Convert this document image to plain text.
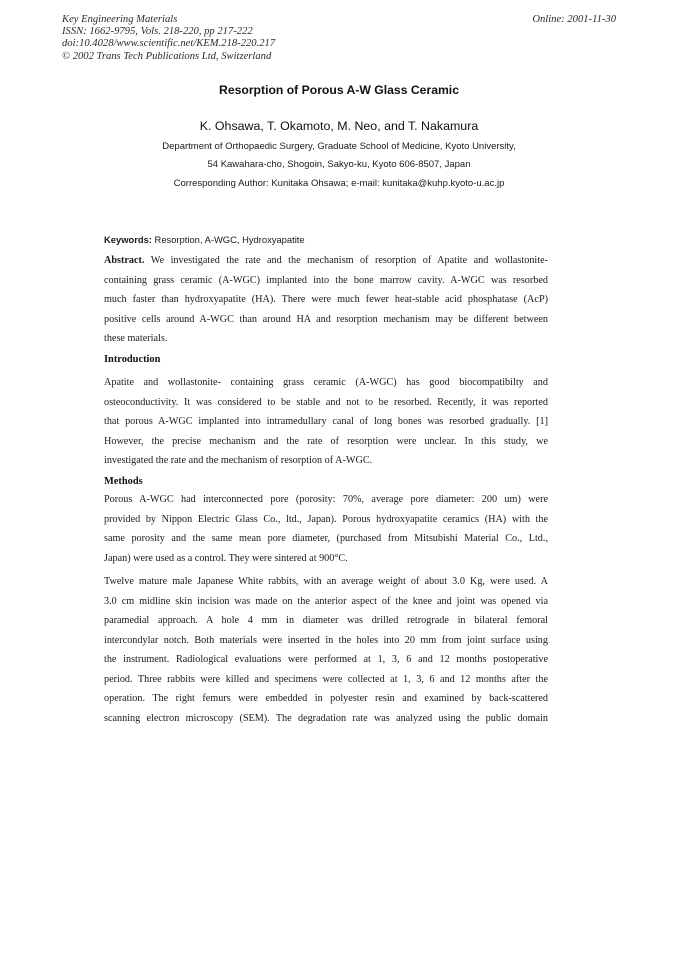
Key Engineering Materials
ISSN: 1662-9795, Vols. 218-220, pp 217-222
doi:10.4028/www.scientific.net/KEM.218-220.217
© 2002 Trans Tech Publications Ltd, Switzerland
Online: 2001-11-30
Resorption of Porous A-W Glass Ceramic
K. Ohsawa, T. Okamoto, M. Neo, and T. Nakamura
Department of Orthopaedic Surgery, Graduate School of Medicine, Kyoto University,
54 Kawahara-cho, Shogoin, Sakyo-ku, Kyoto 606-8507, Japan
Corresponding Author: Kunitaka Ohsawa; e-mail: kunitaka@kuhp.kyoto-u.ac.jp
Keywords: Resorption, A-WGC, Hydroxyapatite
Abstract. We investigated the rate and the mechanism of resorption of Apatite and wollastonite-
containing grass ceramic (A-WGC) implanted into the bone marrow cavity. A-WGC was resorbed
much faster than hydroxyapatite (HA). There were much fewer heat-stable acid phosphatase (AcP)
positive cells around A-WGC than around HA and resorption mechanism may be different between
these materials.
Introduction
Apatite and wollastonite- containing grass ceramic (A-WGC) has good biocompatibilty and
osteoconductivity. It was considered to be stable and not to be resorbed. Recently, it was reported
that porous A-WGC implanted into intramedullary canal of long bones was resorbed gradually. [1]
However, the precise mechanism and the rate of resorption were unclear. In this study, we
investigated the rate and the mechanism of resorption of A-WGC.
Methods
Porous A-WGC had interconnected pore (porosity: 70%, average pore diameter: 200 um) were
provided by Nippon Electric Glass Co., ltd., Japan). Porous hydroxyapatite ceramics (HA) with the
same porosity and the same mean pore diameter, (purchased from Mitsubishi Material Co., Ltd.,
Japan) were used as a control. They were sintered at 900°C.
Twelve mature male Japanese White rabbits, with an average weight of about 3.0 Kg, were used. A
3.0 cm midline skin incision was made on the anterior aspect of the knee and joint was opened via
paramedial approach. A hole 4 mm in diameter was drilled retrograde in bilateral femoral
intercondylar notch. Both materials were inserted in the holes into 20 mm from joint surface using
the instrument. Radiological evaluations were performed at 1, 3, 6 and 12 months postoperative
period. Three rabbits were killed and specimens were collected at 1, 3, 6 and 12 months after the
operation. The right femurs were embedded in polyester resin and examined by back-scattered
scanning electron microscopy (SEM). The degradation rate was analyzed using the public domain
